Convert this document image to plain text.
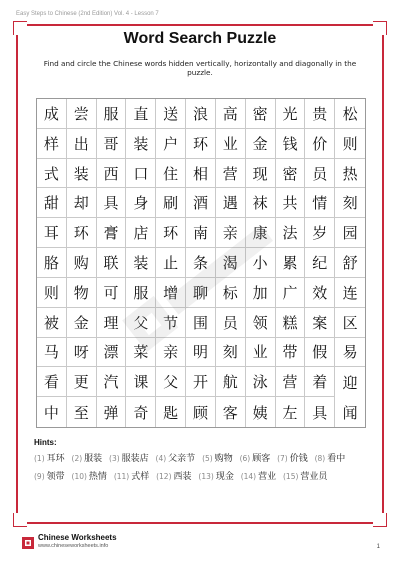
Easy Steps to Chinese (2nd Edition) Vol. 4 - Lesson 7
Word Search Puzzle
Find and circle the Chinese words hidden vertically, horizontally and diagonally in the puzzle.
成 尝 服 直 送 浪 高 密 光 贵	松
样 出 哥 装 户 环 业 金 钱 价	则
式 装 西 口 住 相 营 现 密 员	热
甜 却 具 身 刷 酒 遇 袜 共 情	刻
耳 环 膏 店 环 南 亲 康 法 岁	园
胳 购 联 装 止 条 渴 小 累 纪	舒
则 物 可 服 增 聊 标 加 广 效	连
被 金 理 父 节 围 员 领 糕 案	区
马 呀 漂 菜 亲 明 刻 业 带 假	易
看 更 汽 课 父 开 航 泳 营 着	迎
中 至 弹 奇 匙 顾 客 姨 左 具	闻
Hints:
(1) 耳环 (2) 服装 (3) 服装店 (4) 父亲节 (5) 购物 (6) 顾客 (7) 价钱 (8) 看中 (9) 领带 (10) 热情 (11) 式样 (12) 西装 (13) 现金 (14) 营业 (15) 营业员
Chinese Worksheets
www.chineseworksheets.info	1
